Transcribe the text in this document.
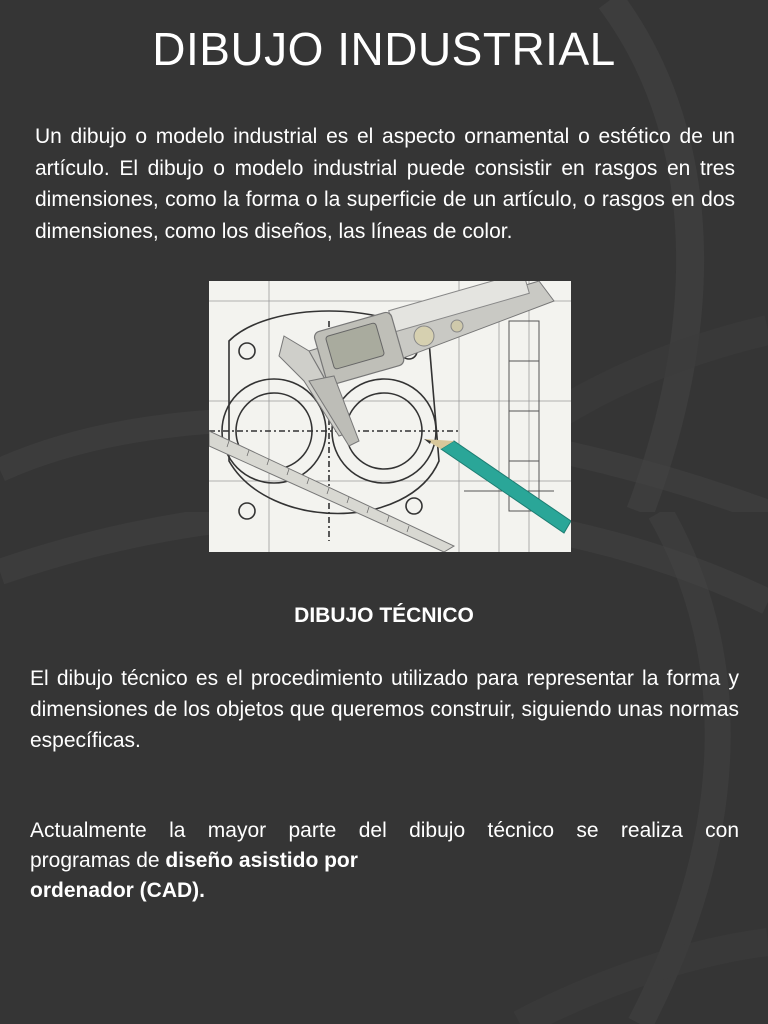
DIBUJO INDUSTRIAL

Un dibujo o modelo industrial es el aspecto ornamental o estético de un artículo. El dibujo o modelo industrial puede consistir en rasgos en tres dimensiones, como la forma o la superficie de un artículo, o rasgos en dos dimensiones, como los diseños, las líneas de color.

DIBUJO TÉCNICO

El dibujo técnico es el procedimiento utilizado para representar la forma y dimensiones de los objetos que queremos construir, siguiendo unas normas específicas.

Actualmente la mayor parte del dibujo técnico se realiza con
programas de diseño asistido por
ordenador (CAD).
